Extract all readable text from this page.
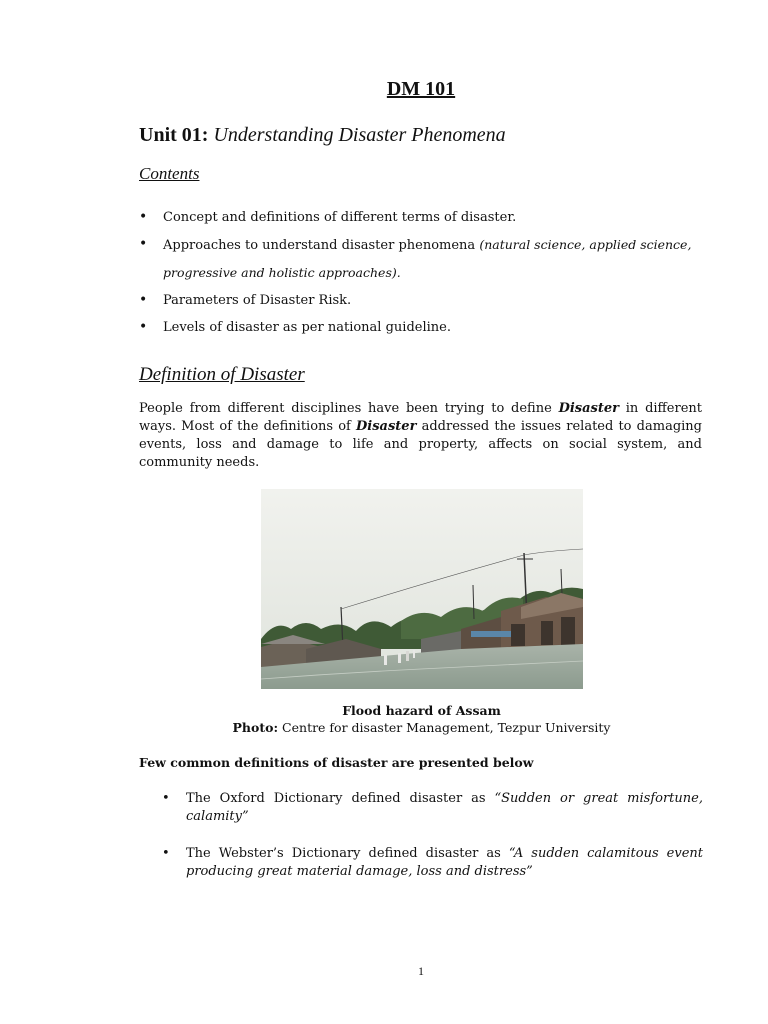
DM 101
Unit 01: Understanding Disaster Phenomena
Contents
• Concept and definitions of different terms of disaster.
• Approaches to understand disaster phenomena (natural science, applied science, progressive and holistic approaches).
• Parameters of Disaster Risk.
• Levels of disaster as per national guideline.
Definition of Disaster
People from different disciplines have been trying to define Disaster in different ways. Most of the definitions of Disaster addressed the issues related to damaging events, loss and damage to life and property, affects on social system, and community needs.
Flood hazard of Assam
Photo: Centre for disaster Management, Tezpur University
Few common definitions of disaster are presented below
• The Oxford Dictionary defined disaster as “Sudden or great misfortune, calamity”
• The Webster’s Dictionary defined disaster as “A sudden calamitous event producing great material damage, loss and distress”
1
